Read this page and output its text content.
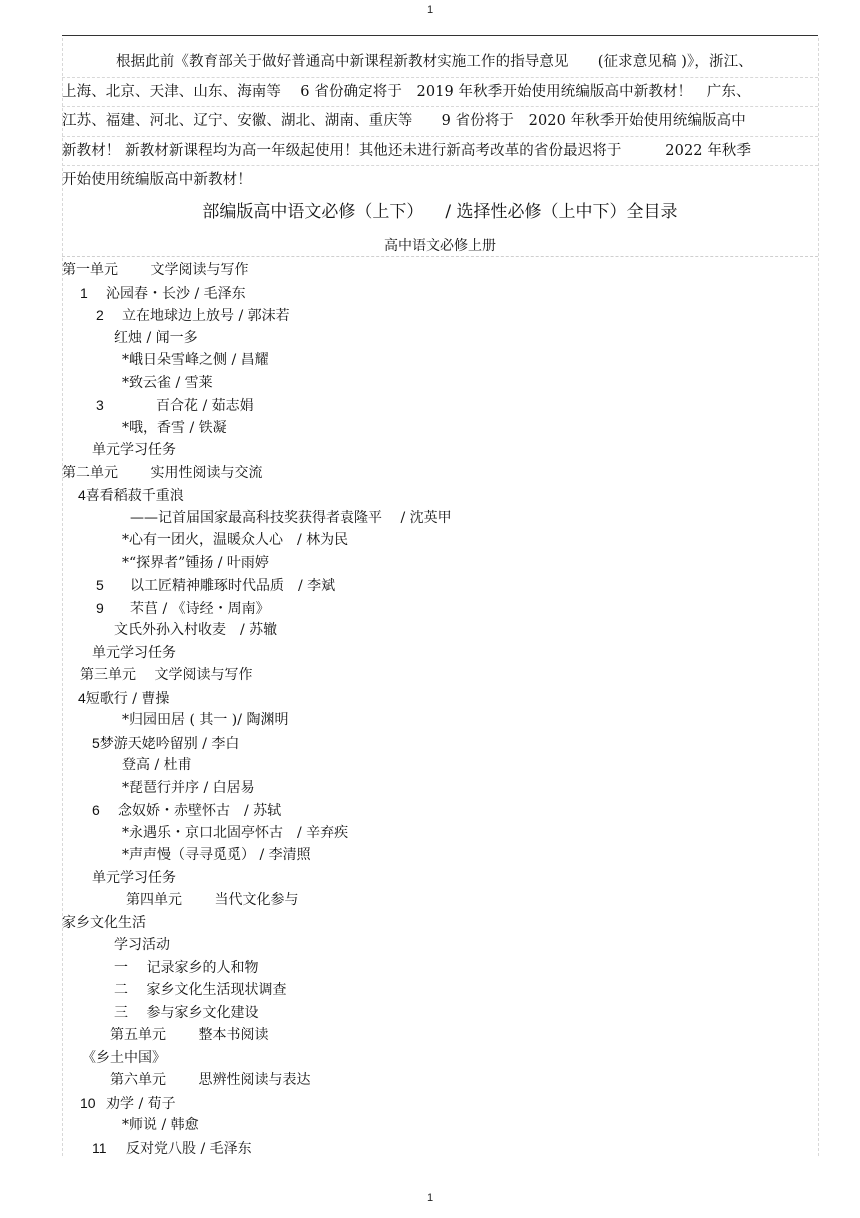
1
根据此前《教育部关于做好普通高中新课程新教材实施工作的指导意见　　(征求意见稿 )》，浙江、
上海、北京、天津、山东、海南等　 6 省份确定将于　2019 年秋季开始使用统编版高中新教材！　广东、
江苏、福建、河北、辽宁、安徽、湖北、湖南、重庆等　　9 省份将于　2020 年秋季开始使用统编版高中
新教材！ 新教材新课程均为高一年级起使用！其他还未进行新高考改革的省份最迟将于　　　2022 年秋季
开始使用统编版高中新教材！
部编版高中语文必修（上下） / 选择性必修（上中下）全目录
高中语文必修上册
第一单元　　 文学阅读与写作
1 沁园春・长沙 / 毛泽东
2 立在地球边上放号 / 郭沫若
红烛 / 闻一多
*峨日朵雪峰之侧 / 昌耀
*致云雀 / 雪莱
3	百合花 / 茹志娟
*哦，香雪 / 铁凝
单元学习任务
第二单元　　 实用性阅读与交流
4喜看稻菽千重浪
——记首届国家最高科技奖获得者袁隆平　 / 沈英甲
*心有一团火，温暖众人心　/ 林为民
*“探界者”锺扬 / 叶雨婷
5 以工匠精神雕琢时代品质　/ 李斌
9 芣苢 / 《诗经・周南》
文氏外孙入村收麦　/ 苏辙
单元学习任务
第三单元　 文学阅读与写作
4短歌行 / 曹操
*归园田居 ( 其一 )/ 陶渊明
5梦游天姥吟留别 / 李白
登高 / 杜甫
*琵琶行并序 / 白居易
6 念奴娇・赤壁怀古　/ 苏轼
*永遇乐・京口北固亭怀古　/ 辛弃疾
*声声慢（寻寻觅觅） / 李清照
单元学习任务
第四单元　　 当代文化参与
家乡文化生活
学习活动
一　 记录家乡的人和物
二　 家乡文化生活现状调查
三　 参与家乡文化建设
第五单元　　 整本书阅读
《乡土中国》
第六单元　　 思辨性阅读与表达
10 劝学 / 荀子
*师说 / 韩愈
11 反对党八股 / 毛泽东
1
